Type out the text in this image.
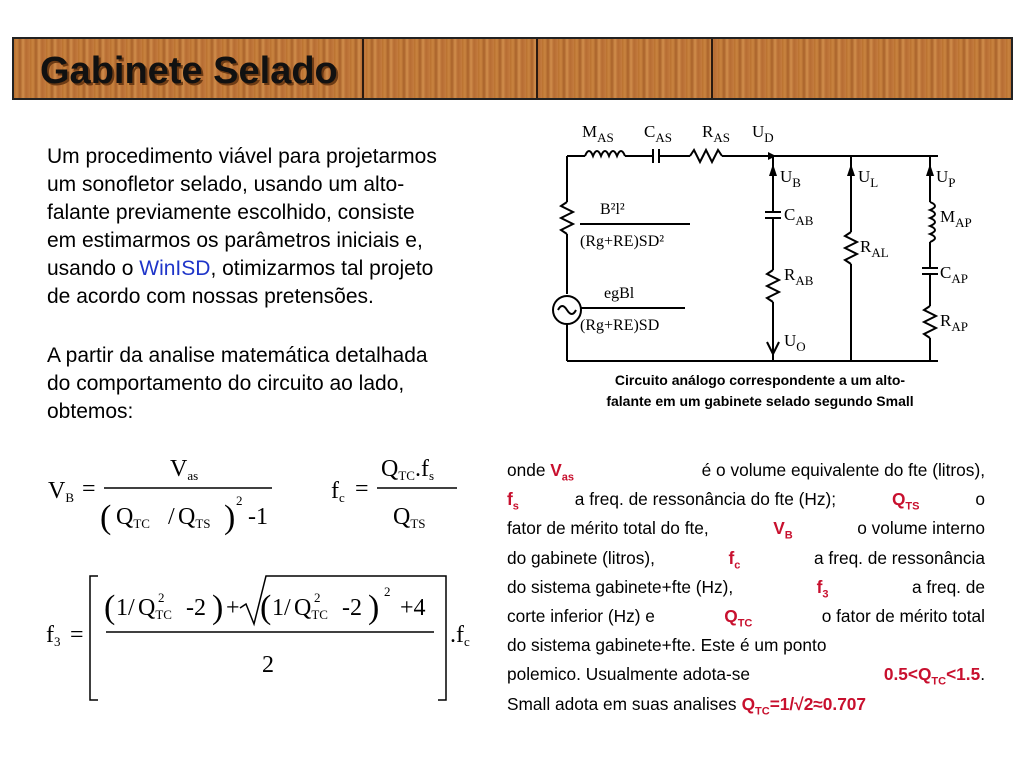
Gabinete Selado
Um procedimento viável para projetarmos
um sonofletor selado, usando um alto-
falante previamente escolhido, consiste
em estimarmos os parâmetros iniciais e,
usando o WinISD, otimizarmos tal projeto
de acordo com nossas pretensões.
A partir da analise matemática detalhada
do comportamento do circuito ao lado,
obtemos:
$M_{AS}$ $C_{AS}$ $R_{AS}$ $U_D$
$U_B$	$U_L$	$U_P$
$C_{AB}$
$R_{AB}$
$R_{AL}$
$M_{AP}$
$C_{AP}$
$R_{AP}$
$U_O$
B²l²
(Rg+RE)SD²
egBl
(Rg+RE)SD
Circuito análogo correspondente a um alto-
falante em um gabinete selado segundo Small
VB =
Vas
( QTC / QTS ) 2
-1
fc =
QTC.fs
QTS
f3 =
( 1 / QTC
2 -2 ) + ( 1 / QTC
2 -2 ) 2
+4
2
.fc
onde $V_{as}$	é o volume equivalente do fte (litros),
$f_s$	a freq. de ressonância do fte (Hz);	$Q_{TS}$	o
fator de mérito total do fte,	$V_B$	o volume interno
do gabinete (litros),	$f_c$	a freq. de ressonância
do sistema gabinete+fte (Hz),	$f_3$	a freq. de
corte inferior (Hz) e	$Q_{TC}$	o fator de mérito total
do sistema gabinete+fte. Este é um ponto
polemico. Usualmente adota-se	$0.5<Q_{TC}<1.5$.
Small adota em suas analises $Q_{TC}=1/√2\approx 0.707$
